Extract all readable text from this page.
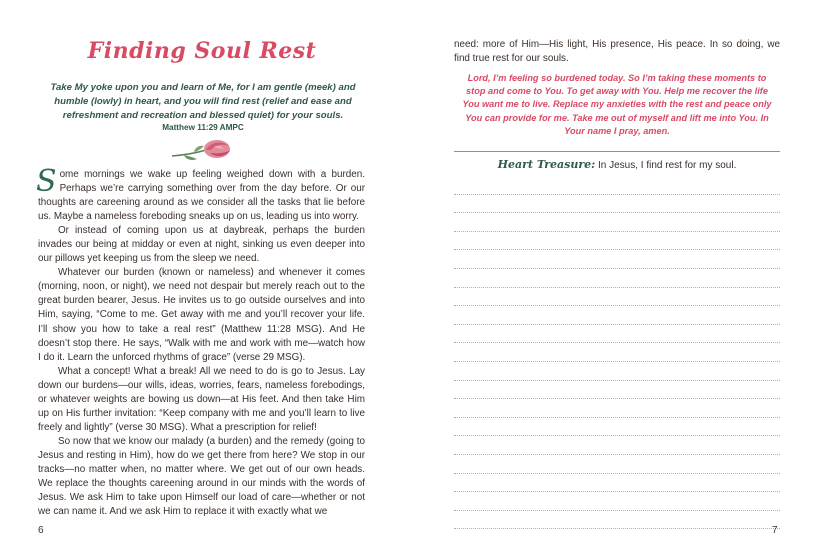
Finding Soul Rest
Take My yoke upon you and learn of Me, for I am gentle (meek) and humble (lowly) in heart, and you will find rest (relief and ease and refreshment and recreation and blessed quiet) for your souls.
Matthew 11:29 AMPC

Some mornings we wake up feeling weighed down with a burden. Perhaps we’re carrying something over from the day before. Or our thoughts are careening around as we consider all the tasks that lie before us. Maybe a nameless foreboding sneaks up on us, leading us into worry.

Or instead of coming upon us at daybreak, perhaps the burden invades our being at midday or even at night, sinking us even deeper into our pillows yet keeping us from the sleep we need.

Whatever our burden (known or nameless) and whenever it comes (morning, noon, or night), we need not despair but merely reach out to the great burden bearer, Jesus. He invites us to go outside ourselves and into Him, saying, “Come to me. Get away with me and you’ll recover your life. I’ll show you how to take a real rest” (Matthew 11:28 MSG). And He doesn’t stop there. He says, “Walk with me and work with me—watch how I do it. Learn the unforced rhythms of grace” (verse 29 MSG).

What a concept! What a break! All we need to do is go to Jesus. Lay down our burdens—our wills, ideas, worries, fears, nameless forebodings, or whatever weights are bowing us down—at His feet. And then take Him up on His further invitation: “Keep company with me and you’ll learn to live freely and lightly” (verse 30 MSG). What a prescription for relief!

So now that we know our malady (a burden) and the remedy (going to Jesus and resting in Him), how do we get there from here? We stop in our tracks—no matter when, no matter where. We get out of our own heads. We replace the thoughts careening around in our minds with the words of Jesus. We ask Him to take upon Himself our load of care—whether or not we can name it. And we ask Him to replace it with exactly what we

6
need: more of Him—His light, His presence, His peace. In so doing, we find true rest for our souls.
Lord, I’m feeling so burdened today. So I’m taking these moments to stop and come to You. To get away with You. Help me recover the life You want me to live. Replace my anxieties with the rest and peace only You can provide for me. Take me out of myself and lift me into You. In Your name I pray, amen.
Heart Treasure: In Jesus, I find rest for my soul.
7
